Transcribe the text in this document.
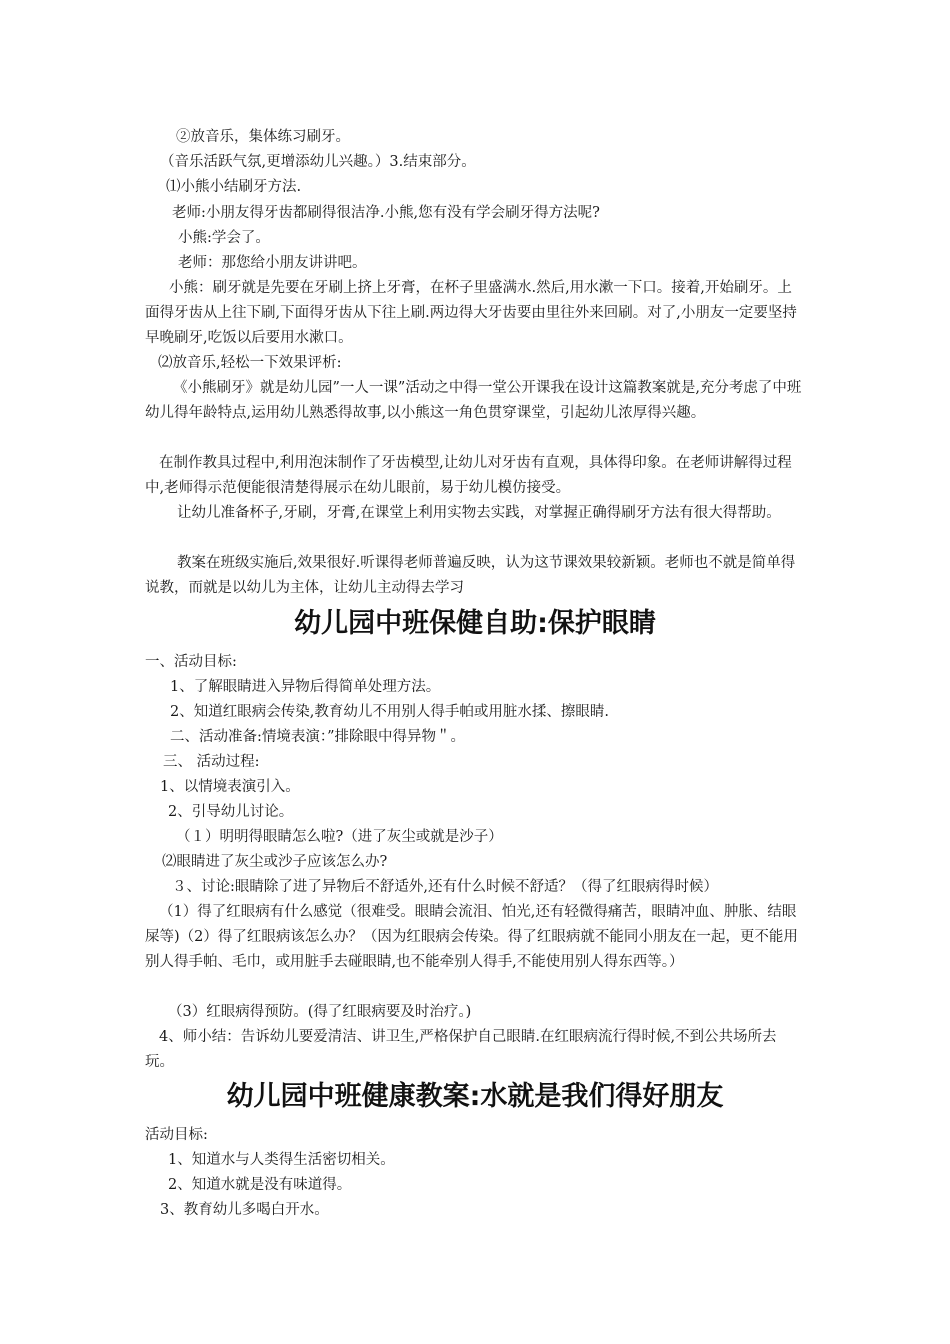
②放音乐，集体练习刷牙。

（音乐活跃气氛,更增添幼儿兴趣。）3.结束部分。

⑴小熊小结刷牙方法.

老师:小朋友得牙齿都刷得很洁净.小熊,您有没有学会刷牙得方法呢?

小熊:学会了。

老师：那您给小朋友讲讲吧。

小熊：刷牙就是先要在牙刷上挤上牙膏，在杯子里盛满水.然后,用水漱一下口。接着,开始刷牙。上面得牙齿从上往下刷,下面得牙齿从下往上刷.两边得大牙齿要由里往外来回刷。对了,小朋友一定要坚持早晚刷牙,吃饭以后要用水漱口。

⑵放音乐,轻松一下效果评析:

《小熊刷牙》就是幼儿园”一人一课”活动之中得一堂公开课我在设计这篇教案就是,充分考虑了中班幼儿得年龄特点,运用幼儿熟悉得故事,以小熊这一角色贯穿课堂，引起幼儿浓厚得兴趣。

在制作教具过程中,利用泡沫制作了牙齿模型,让幼儿对牙齿有直观，具体得印象。在老师讲解得过程中,老师得示范便能很清楚得展示在幼儿眼前，易于幼儿模仿接受。

让幼儿准备杯子,牙刷，牙膏,在课堂上利用实物去实践，对掌握正确得刷牙方法有很大得帮助。

教案在班级实施后,效果很好.听课得老师普遍反映，认为这节课效果较新颖。老师也不就是简单得说教，而就是以幼儿为主体，让幼儿主动得去学习

幼儿园中班保健自助:保护眼睛

一、活动目标:

1、了解眼睛进入异物后得简单处理方法。

2、知道红眼病会传染,教育幼儿不用别人得手帕或用脏水揉、擦眼睛.

二、活动准备:情境表演：”排除眼中得异物＂。

三、 活动过程:

1、以情境表演引入。

2、引导幼儿讨论。

（１）明明得眼睛怎么啦?（进了灰尘或就是沙子）

⑵眼睛进了灰尘或沙子应该怎么办?

３、讨论:眼睛除了进了异物后不舒适外,还有什么时候不舒适？（得了红眼病得时候）

（1）得了红眼病有什么感觉（很难受。眼睛会流泪、怕光,还有轻微得痛苦，眼睛冲血、肿胀、结眼屎等)（2）得了红眼病该怎么办？（因为红眼病会传染。得了红眼病就不能同小朋友在一起，更不能用别人得手帕、毛巾，或用脏手去碰眼睛,也不能牵别人得手,不能使用别人得东西等。）

（3）红眼病得预防。(得了红眼病要及时治疗。)

4、师小结：告诉幼儿要爱清洁、讲卫生,严格保护自己眼睛.在红眼病流行得时候,不到公共场所去玩。

幼儿园中班健康教案:水就是我们得好朋友

活动目标:

1、知道水与人类得生活密切相关。

2、知道水就是没有味道得。

3、教育幼儿多喝白开水。
